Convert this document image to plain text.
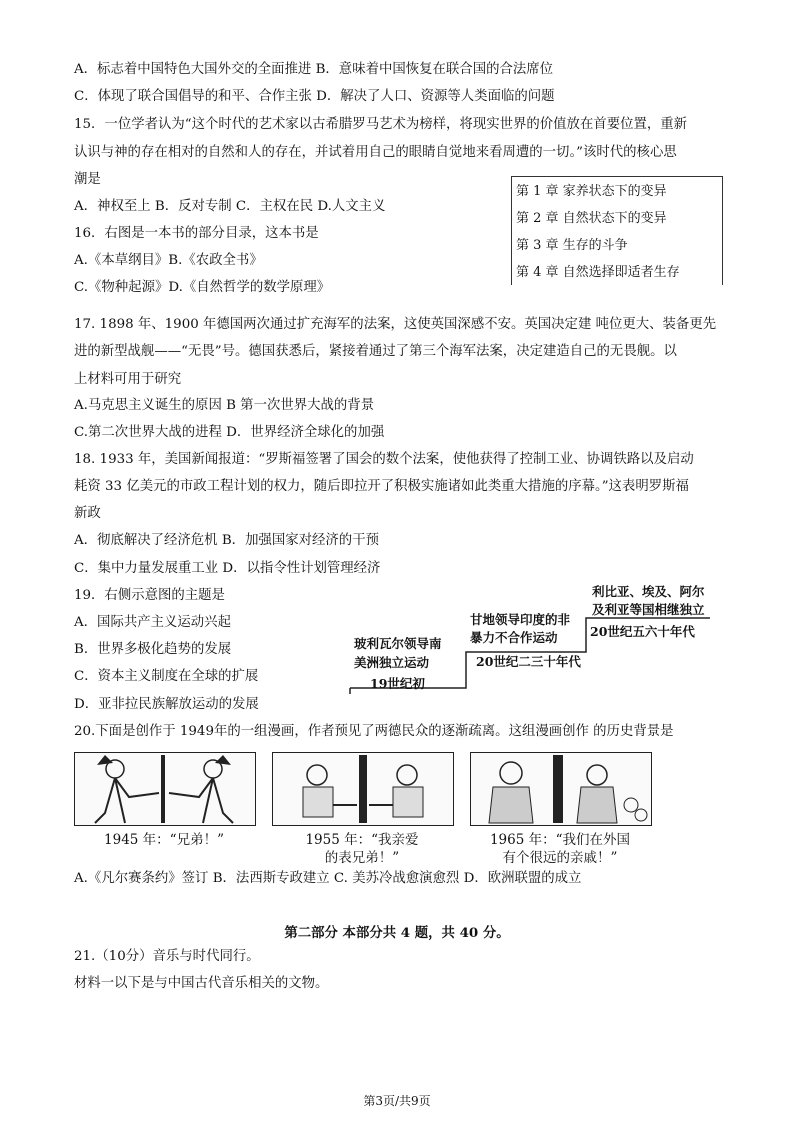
A．标志着中国特色大国外交的全面推进 B．意味着中国恢复在联合国的合法席位
C．体现了联合国倡导的和平、合作主张 D．解决了人口、资源等人类面临的问题
15．一位学者认为“这个时代的艺术家以古希腊罗马艺术为榜样，将现实世界的价值放在首要位置，重新
认识与神的存在相对的自然和人的存在，并试着用自己的眼睛自觉地来看周遭的一切。”该时代的核心思
潮是
A．神权至上 B．反对专制 C．主权在民 D.人文主义
16．右图是一本书的部分目录，这本书是
A.《本草纲目》B.《农政全书》
C.《物种起源》D.《自然哲学的数学原理》
17. 1898 年、1900 年德国两次通过扩充海军的法案，这使英国深感不安。英国决定建 吨位更大、装备更先
进的新型战舰——“无畏”号。德国获悉后，紧接着通过了第三个海军法案，决定建造自己的无畏舰。以
上材料可用于研究
A.马克思主义诞生的原因 B 第一次世界大战的背景
C.第二次世界大战的进程 D．世界经济全球化的加强
18. 1933 年，美国新闻报道：“罗斯福签署了国会的数个法案，使他获得了控制工业、协调铁路以及启动
耗资 33 亿美元的市政工程计划的权力，随后即拉开了积极实施诸如此类重大措施的序幕。”这表明罗斯福
新政
A．彻底解决了经济危机 B．加强国家对经济的干预
C．集中力量发展重工业 D．以指令性计划管理经济
19．右侧示意图的主题是
A．国际共产主义运动兴起
B．世界多极化趋势的发展
C．资本主义制度在全球的扩展
D．亚非拉民族解放运动的发展
20.下面是创作于 1949年的一组漫画，作者预见了两德民众的逐渐疏离。这组漫画创作 的历史背景是
A.《凡尔赛条约》签订 B．法西斯专政建立 C. 美苏冷战愈演愈烈 D．欧洲联盟的成立
21.（10分）音乐与时代同行。
材料一以下是与中国古代音乐相关的文物。
第 1 章 家养状态下的变异
第 2 章 自然状态下的变异
第 3 章 生存的斗争
第 4 章 自然选择即适者生存
玻利瓦尔领导南
美洲独立运动
19世纪初
甘地领导印度的非
暴力不合作运动
20世纪二三十年代
利比亚、埃及、阿尔
及利亚等国相继独立
20世纪五六十年代
1945 年：“兄弟！”	1955 年：“我亲爱
的表兄弟！”
1965 年：“我们在外国
有个很远的亲戚！”
第二部分 本部分共 4 题，共 40 分。
第3页/共9页
